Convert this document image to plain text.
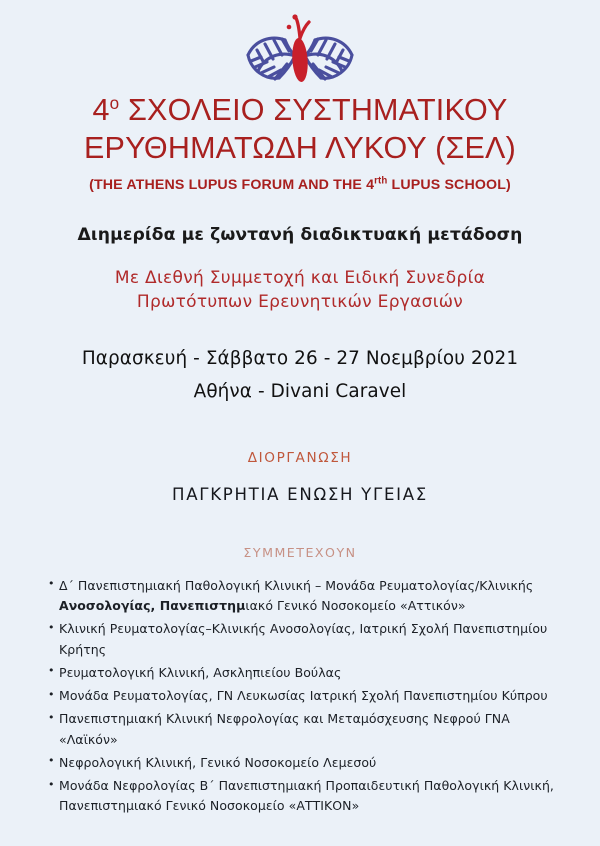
$4^o$ ΣΧΟΛΕΙΟ ΣΥΣΤΗΜΑΤΙΚΟΥ
ΕΡΥΘΗΜΑΤΩΔΗ ΛΥΚΟΥ (ΣΕΛ)

(THE ATHENS LUPUS FORUM AND THE $4^{rth}$ LUPUS SCHOOL)

Διημερίδα με ζωντανή διαδικτυακή μετάδοση

Με Διεθνή Συμμετοχή και Ειδική Συνεδρία
Πρωτότυπων Ερευνητικών Εργασιών

Παρασκευή - Σάββατο 26 - 27 Νοεμβρίου 2021

Αθήνα - Divani Caravel

ΔΙΟΡΓΑΝΩΣΗ

ΠΑΓΚΡΗΤΙΑ ΕΝΩΣΗ ΥΓΕΙΑΣ

ΣΥΜΜΕΤΕΧΟΥΝ

• Δ΄ Πανεπιστημιακή Παθολογική Κλινική – Μονάδα Ρευματολογίας/Κλινικής
Ανοσολογίας, Πανεπιστημιακό Γενικό Νοσοκομείο «Αττικόν»
• Κλινική Ρευματολογίας–Κλινικής Ανοσολογίας, Ιατρική Σχολή Πανεπιστημίου Κρήτης
• Ρευματολογική Κλινική, Ασκληπιείου Βούλας
• Μονάδα Ρευματολογίας, ΓΝ Λευκωσίας Ιατρική Σχολή Πανεπιστημίου Κύπρου
• Πανεπιστημιακή Κλινική Νεφρολογίας και Μεταμόσχευσης Νεφρού ΓΝΑ «Λαϊκόν»
• Νεφρολογική Κλινική, Γενικό Νοσοκομείο Λεμεσού
• Μονάδα Νεφρολογίας Β΄ Πανεπιστημιακή Προπαιδευτική Παθολογική Κλινική,
Πανεπιστημιακό Γενικό Νοσοκομείο «ΑΤΤΙΚΟΝ»
